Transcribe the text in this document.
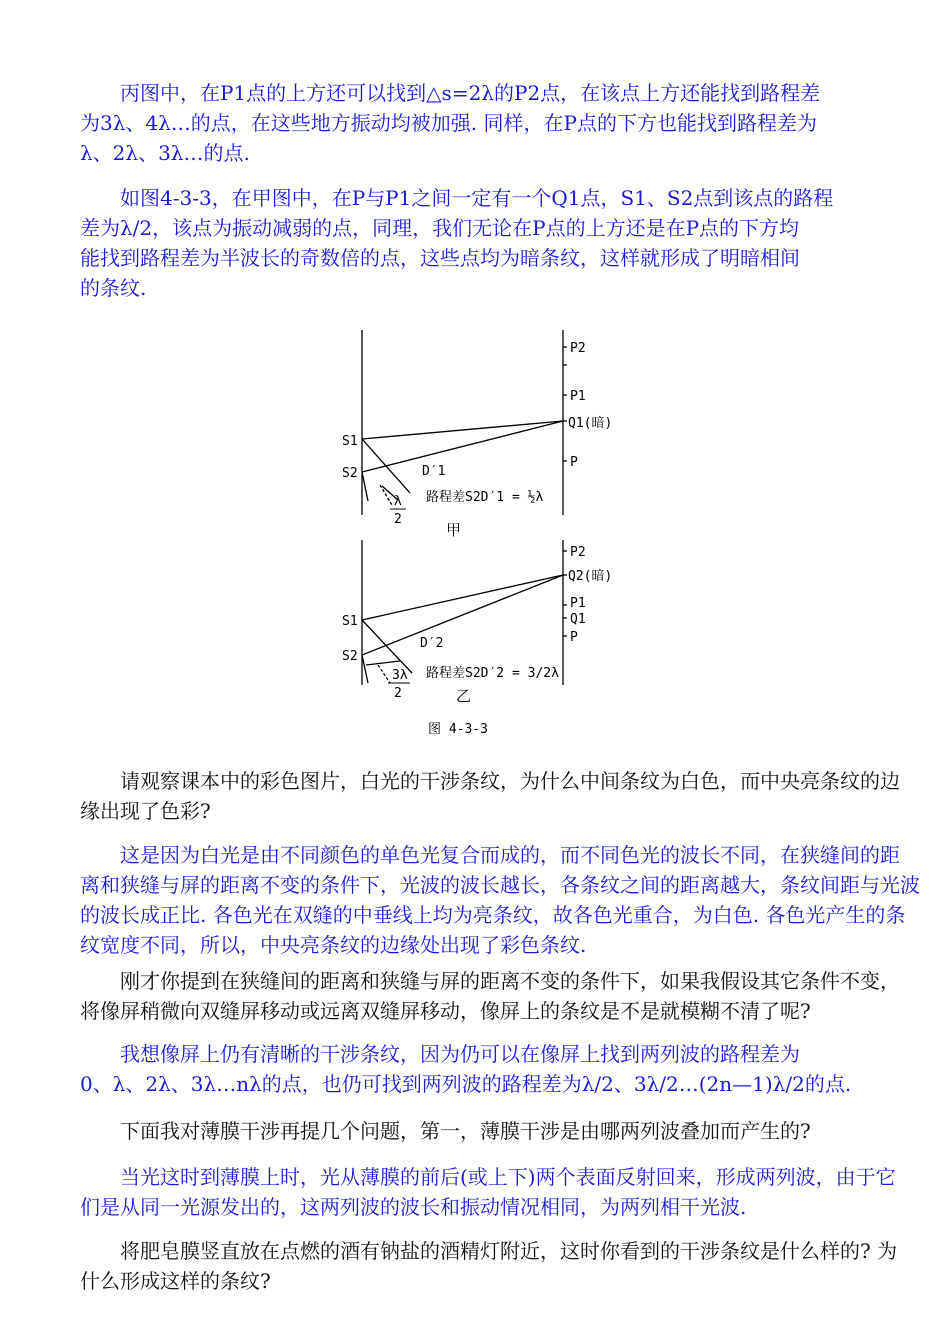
丙图中，在P1点的上方还可以找到△s=2λ的P2点，在该点上方还能找到路程差
为3λ、4λ…的点，在这些地方振动均被加强. 同样，在P点的下方也能找到路程差为
λ、2λ、3λ…的点.
如图4-3-3，在甲图中，在P与P1之间一定有一个Q1点，S1、S2点到该点的路程
差为λ/2，该点为振动减弱的点，同理，我们无论在P点的上方还是在P点的下方均
能找到路程差为半波长的奇数倍的点，这些点均为暗条纹，这样就形成了明暗相间
的条纹.
S1
S2
P2
P1
Q1(暗)
P
D′1
λ
2
路程差S2D′1 = ½λ
甲
P2
Q2(暗)
P1
Q1
P
S1
S2
D′2
3λ
2
路程差S2D′2 = 3/2λ
乙
图 4-3-3
请观察课本中的彩色图片，白光的干涉条纹，为什么中间条纹为白色，而中央亮条纹的边
缘出现了色彩?
这是因为白光是由不同颜色的单色光复合而成的，而不同色光的波长不同，在狭缝间的距
离和狭缝与屏的距离不变的条件下，光波的波长越长，各条纹之间的距离越大，条纹间距与光波
的波长成正比. 各色光在双缝的中垂线上均为亮条纹，故各色光重合，为白色. 各色光产生的条
纹宽度不同，所以，中央亮条纹的边缘处出现了彩色条纹.
刚才你提到在狭缝间的距离和狭缝与屏的距离不变的条件下，如果我假设其它条件不变，
将像屏稍微向双缝屏移动或远离双缝屏移动，像屏上的条纹是不是就模糊不清了呢?
我想像屏上仍有清晰的干涉条纹，因为仍可以在像屏上找到两列波的路程差为
0、λ、2λ、3λ…nλ的点，也仍可找到两列波的路程差为λ/2、3λ/2…(2n—1)λ/2的点.
下面我对薄膜干涉再提几个问题，第一，薄膜干涉是由哪两列波叠加而产生的?
当光这时到薄膜上时，光从薄膜的前后(或上下)两个表面反射回来，形成两列波，由于它
们是从同一光源发出的，这两列波的波长和振动情况相同，为两列相干光波.
将肥皂膜竖直放在点燃的酒有钠盐的酒精灯附近，这时你看到的干涉条纹是什么样的? 为
什么形成这样的条纹?
